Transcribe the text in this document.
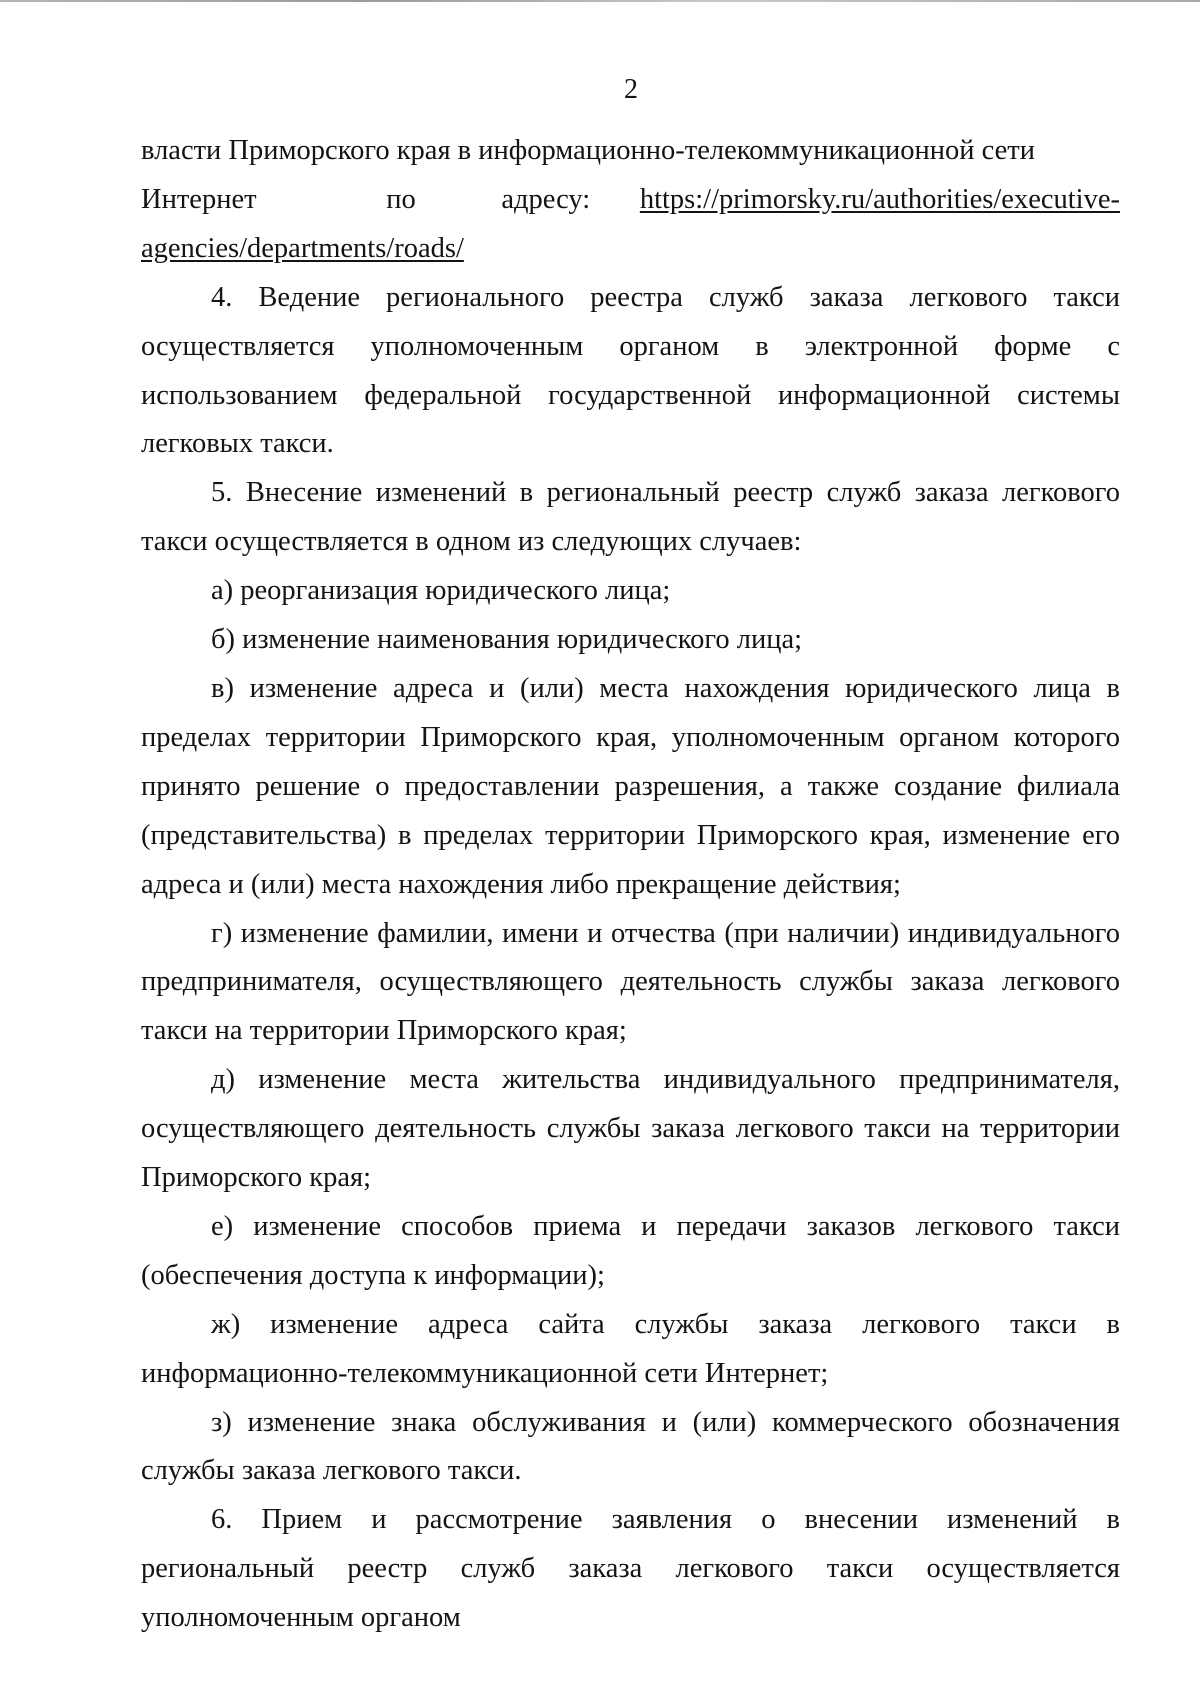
2

власти Приморского края в информационно-телекоммуникационной сети

Интернет	по	адресу: https://primorsky.ru/authorities/executive-

agencies/departments/roads/

4. Ведение регионального реестра служб заказа легкового такси осуществляется уполномоченным органом в электронной форме с использованием федеральной государственной информационной системы легковых такси.

5. Внесение изменений в региональный реестр служб заказа легкового такси осуществляется в одном из следующих случаев:

а) реорганизация юридического лица;

б) изменение наименования юридического лица;

в) изменение адреса и (или) места нахождения юридического лица в пределах территории Приморского края, уполномоченным органом которого принято решение о предоставлении разрешения, а также создание филиала (представительства) в пределах территории Приморского края, изменение его адреса и (или) места нахождения либо прекращение действия;

г) изменение фамилии, имени и отчества (при наличии) индивидуального предпринимателя, осуществляющего деятельность службы заказа легкового такси на территории Приморского края;

д) изменение места жительства индивидуального предпринимателя, осуществляющего деятельность службы заказа легкового такси на территории Приморского края;

е) изменение способов приема и передачи заказов легкового такси (обеспечения доступа к информации);

ж) изменение адреса сайта службы заказа легкового такси в информационно-телекоммуникационной сети Интернет;

з) изменение знака обслуживания и (или) коммерческого обозначения службы заказа легкового такси.

6. Прием и рассмотрение заявления о внесении изменений в региональный реестр служб заказа легкового такси осуществляется уполномоченным органом
